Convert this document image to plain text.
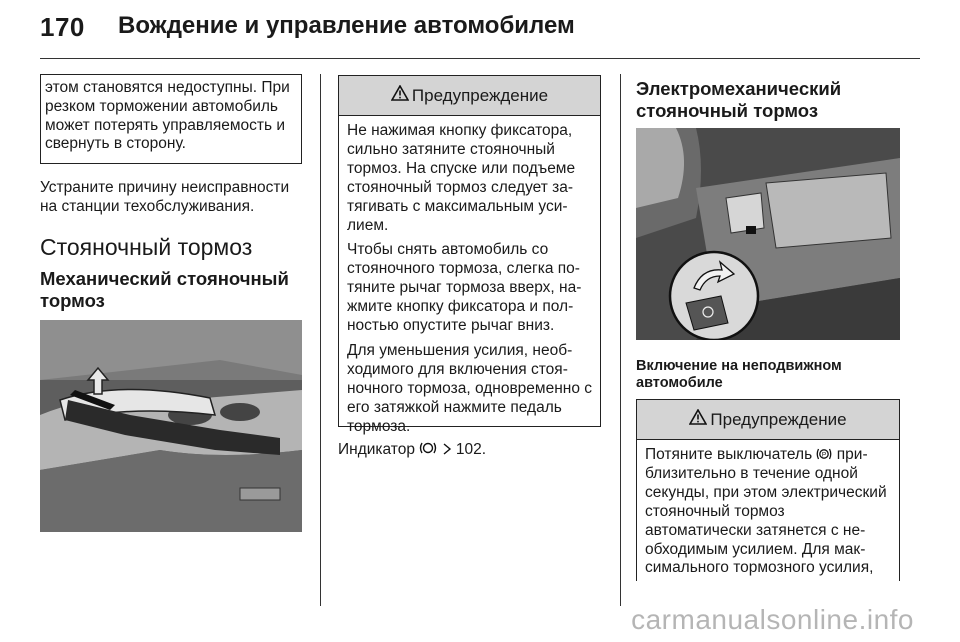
170 Вождение и управление автомобилем
этом становятся недоступны. При резком торможении автомобиль может потерять управляемость и свернуть в сторону.
Устраните причину неисправности на станции техобслуживания.
Стояночный тормоз
Механический стояночный тормоз
Предупреждение

Не нажимая кнопку фиксатора, сильно затяните стояночный тормоз. На спуске или подъеме стояночный тормоз следует затягивать с максимальным усилием.

Чтобы снять автомобиль со стояночного тормоза, слегка потяните рычаг тормоза вверх, нажмите кнопку фиксатора и полностью опустите рычаг вниз.

Для уменьшения усилия, необходимого для включения стояночного тормоза, одновременно с его затяжкой нажмите педаль тормоза.

Индикатор	102.
Электромеханический стояночный тормоз
Включение на неподвижном автомобиле
Предупреждение
Потяните выключатель P приблизительно в течение одной секунды, при этом электрический стояночный тормоз автоматически затянется с необходимым усилием. Для максимального тормозного усилия,
carmanualsonline.info
